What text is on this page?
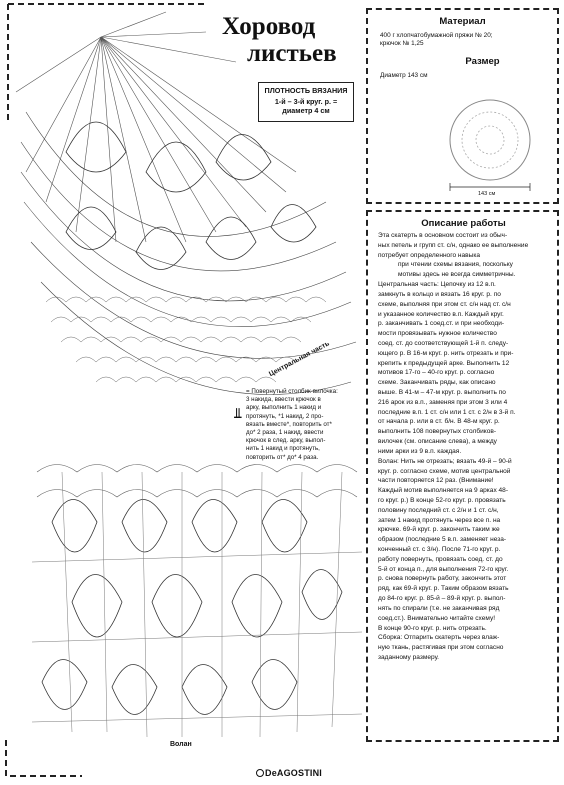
Хоровод
листьев
ПЛОТНОСТЬ ВЯЗАНИЯ
1-й – 3-й круг. р. =
диаметр 4 см
Материал
400 г хлопчатобумажной пряжи № 20;
крючок № 1,25
Размер
Диаметр 143 см
143 см
Описание работы
Эта скатерть в основном состоит из обыч-
ных петель и групп ст. с/н, однако ее выполнение
потребует определенного навыка
при чтении схемы вязания, поскольку
мотивы здесь не всегда симметричны.
Центральная часть: Цепочку из 12 в.п.
замкнуть в кольцо и вязать 16 круг. р. по
схеме, выполняя при этом ст. с/н над ст. с/н
и указанное количество в.п. Каждый круг.
р. заканчивать 1 соед.ст. и при необходи-
мости провязывать нужное количество
соед. ст. до соответствующей 1-й п. следу-
ющего р. В 16-м круг. р. нить отрезать и при-
крепить к предыдущей арке. Выполнить 12
мотивов 17-го – 40-го круг. р. согласно
схеме. Заканчивать ряды, как описано
выше. В 41-м – 47-м круг. р. выполнить по
216 арок из в.п., заменяя при этом 3 или 4
последние в.п. 1 ст. с/н или 1 ст. с 2/н в 3-й п.
от начала р. или в ст. б/н. В 48-м круг. р.
выполнить 108 повернутых столбиков-
вилочек (см. описание слева), а между
ними арки из 9 в.п. каждая.
Волан: Нить не отрезать; вязать 49-й – 90-й
круг. р. согласно схеме, мотив центральной
части повторяется 12 раз. (Внимание!
Каждый мотив выполняется на 9 арках 48-
го круг. р.) В конце 52-го круг. р. провязать
половину последний ст. с 2/н и 1 ст. с/н,
затем 1 накид протянуть через все п. на
крючке. 69-й круг. р. закончить таким же
образом (последние 5 в.п. заменяет неза-
конченный ст. с 3/н). После 71-го круг. р.
работу повернуть, провязать соед. ст. до
5-й от конца п., для выполнения 72-го круг.
р. снова повернуть работу, закончить этот
ряд, как 69-й круг. р. Таким образом вязать
до 84-го круг. р. 85-й – 89-й круг. р. выпол-
нять по спирали (т.е. не заканчивая ряд
соед.ст.). Внимательно читайте схему!
В конце 90-го круг. р. нить отрезать.
Сборка: Отпарить скатерть через влаж-
ную ткань, растягивая при этом согласно
заданному размеру.
Центральная часть
⫫
= Повернутый столбик-вилочка:
3 накида, ввести крючок в
арку, выполнить 1 накид и
протянуть, *1 накид, 2 про-
вязать вместе*, повторить от*
до* 2 раза, 1 накид, ввести
крючок в след. арку, выпол-
нить 1 накид и протянуть,
повторить от* до* 4 раза.
Волан
DeAGOSTINI
